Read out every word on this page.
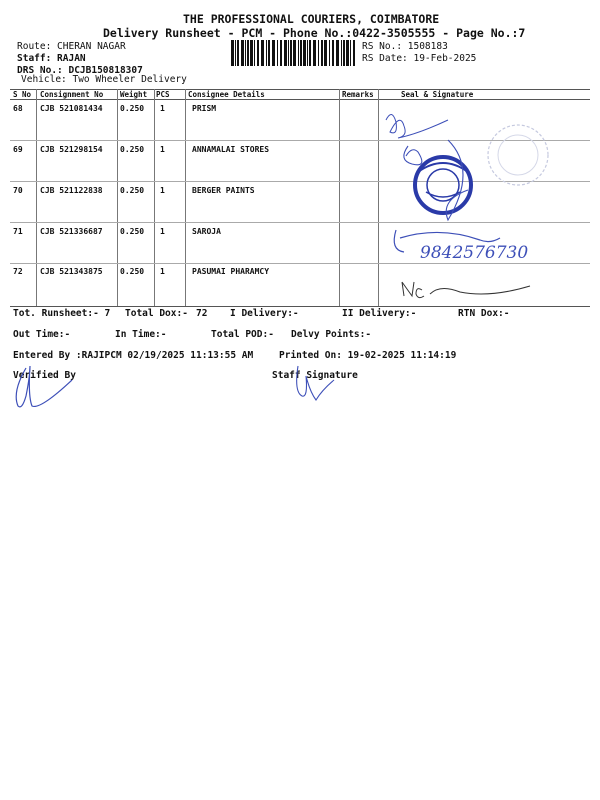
THE PROFESSIONAL COURIERS, COIMBATORE
Delivery Runsheet - PCM - Phone No.:0422-3505555 - Page No.:7
Route: CHERAN NAGAR
Staff: RAJAN
DRS No.: DCJB150818307
Vehicle: Two Wheeler Delivery
RS No.: 1508183
RS Date: 19-Feb-2025
S No Consignment No Weight PCS Consignee Details	Remarks	Seal & Signature
68 CJB 521081434 0.250 1	PRISM
69 CJB 521298154 0.250 1	ANNAMALAI STORES
70 CJB 521122838 0.250 1	BERGER PAINTS
71 CJB 521336687 0.250 1	SAROJA
72 CJB 521343875 0.250 1	PASUMAI PHARAMCY
9842576730
Tot. Runsheet:- 7 Total Dox:- 72 I Delivery:-	II Delivery:-	RTN Dox:-
Out Time:-	In Time:-	Total POD:- Delvy Points:-
Entered By :RAJIPCM 02/19/2025 11:13:55 AM	Printed On: 19-02-2025 11:14:19
Verified By	Staff Signature
